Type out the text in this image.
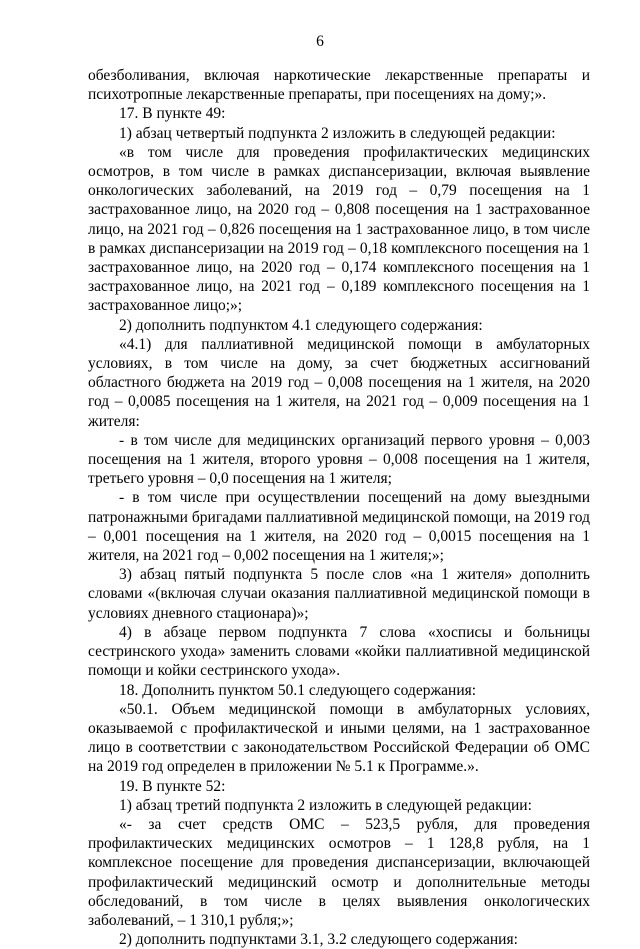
6

обезболивания, включая наркотические лекарственные препараты и психотропные лекарственные препараты, при посещениях на дому;».

17. В пункте 49:

1) абзац четвертый подпункта 2 изложить в следующей редакции:

«в том числе для проведения профилактических медицинских осмотров, в том числе в рамках диспансеризации, включая выявление онкологических заболеваний, на 2019 год – 0,79 посещения на 1 застрахованное лицо, на 2020 год – 0,808 посещения на 1 застрахованное лицо, на 2021 год – 0,826 посещения на 1 застрахованное лицо, в том числе в рамках диспансеризации на 2019 год – 0,18 комплексного посещения на 1 застрахованное лицо, на 2020 год – 0,174 комплексного посещения на 1 застрахованное лицо, на 2021 год – 0,189 комплексного посещения на 1 застрахованное лицо;»;

2) дополнить подпунктом 4.1 следующего содержания:

«4.1) для паллиативной медицинской помощи в амбулаторных условиях, в том числе на дому, за счет бюджетных ассигнований областного бюджета на 2019 год – 0,008 посещения на 1 жителя, на 2020 год – 0,0085 посещения на 1 жителя, на 2021 год – 0,009 посещения на 1 жителя:

- в том числе для медицинских организаций первого уровня – 0,003 посещения на 1 жителя, второго уровня – 0,008 посещения на 1 жителя, третьего уровня – 0,0 посещения на 1 жителя;

- в том числе при осуществлении посещений на дому выездными патронажными бригадами паллиативной медицинской помощи, на 2019 год – 0,001 посещения на 1 жителя, на 2020 год – 0,0015 посещения на 1 жителя, на 2021 год – 0,002 посещения на 1 жителя;»;

3) абзац пятый подпункта 5 после слов «на 1 жителя» дополнить словами «(включая случаи оказания паллиативной медицинской помощи в условиях дневного стационара)»;

4) в абзаце первом подпункта 7 слова «хосписы и больницы сестринского ухода» заменить словами «койки паллиативной медицинской помощи и койки сестринского ухода».

18. Дополнить пунктом 50.1 следующего содержания:

«50.1. Объем медицинской помощи в амбулаторных условиях, оказываемой с профилактической и иными целями, на 1 застрахованное лицо в соответствии с законодательством Российской Федерации об ОМС на 2019 год определен в приложении № 5.1 к Программе.».

19. В пункте 52:

1) абзац третий подпункта 2 изложить в следующей редакции:

«- за счет средств ОМС – 523,5 рубля, для проведения профилактических медицинских осмотров – 1 128,8 рубля, на 1 комплексное посещение для проведения диспансеризации, включающей профилактический медицинский осмотр и дополнительные методы обследований, в том числе в целях выявления онкологических заболеваний, – 1 310,1 рубля;»;

2) дополнить подпунктами 3.1, 3.2 следующего содержания:
